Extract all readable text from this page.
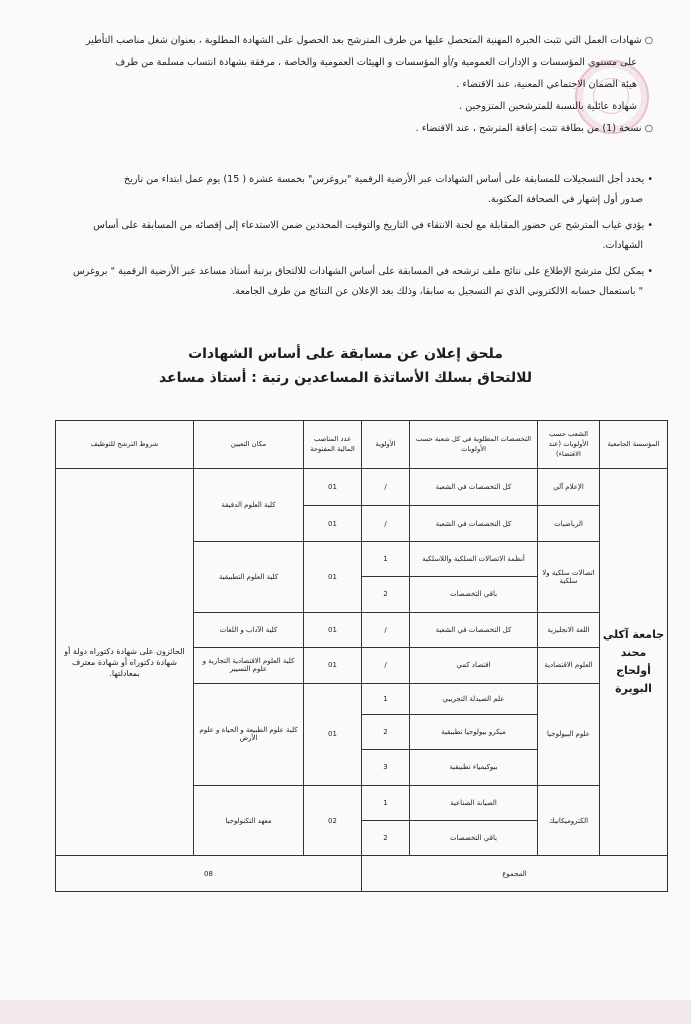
○ شهادات العمل التي تثبت الخبرة المهنية المتحصل عليها من طرف المترشح بعد الحصول على الشهادة المطلوبة ، بعنوان شغل مناصب التأطير
على مستوى المؤسسات و الإدارات العمومية و/أو المؤسسات و الهيئات العمومية والخاصة ، مرفقة بشهادة انتساب مسلمة من طرف
هيئة الضمان الاجتماعي المعنية، عند الاقتضاء .
شهادة عائلية بالنسبة للمترشحين المتزوجين .
○ نسخة (1) من بطاقة تثبت إعاقة المترشح ، عند الاقتضاء .
• يحدد أجل التسجيلات للمسابقة على أساس الشهادات عبر الأرضية الرقمية "بروغرس" بخمسة عشرة ( 15) يوم عمل ابتداء من تاريخ
صدور أول إشهار في الصحافة المكتوبة.
• يؤدي غياب المترشح عن حضور المقابلة مع لجنة الانتقاء في التاريخ والتوقيت المحددين ضمن الاستدعاء إلى إقصائه من المسابقة على أساس
الشهادات.
• يمكن لكل مترشح الإطلاع على نتائج ملف ترشحه في المسابقة على أساس الشهادات للالتحاق برتبة أستاذ مساعد عبر الأرضية الرقمية " بروغرس
" باستعمال حسابه الالكتروني الذي تم التسجيل به سابقا، وذلك بعد الإعلان عن النتائج من طرف الجامعة.
ملحق إعلان عن مسابقة على أساس الشهادات
للالتحاق بسلك الأساتذة المساعدين رتبة : أستاذ مساعد
المؤسسة الجامعية	الشعب حسب الأولويات (عند الاقتضاء)	التخصصات المطلوبة في كل شعبة حسب الأولويات	الأولوية	عدد المناصب المالية المفتوحة	مكان التعيين	شروط الترشح للتوظيف
جامعة آكلي محند أولحاج البويرة	الإعلام آلي	كل التخصصات في الشعبة	/	01	كلية العلوم الدقيقة	الحائزون على شهادة دكتوراه دولة أو شهادة دكتوراه أو شهادة معترف بمعادلتها.
	الرياضيات	كل التخصصات في الشعبة	/	01		
	اتصالات سلكية ولا سلكية	أنظمة الاتصالات السلكية واللاسلكية	1	01	كلية العلوم التطبيقية	
		باقي التخصصات	2			
	اللغة الانجليزية	كل التخصصات في الشعبة	/	01	كلية الآداب و اللغات	
	العلوم الاقتصادية	اقتصاد كمي	/	01	كلية العلوم الاقتصادية التجارية و علوم التسيير	
	علوم البيولوجيا	علم الصيدلة التجريبي	1	01	كلية علوم الطبيعة و الحياة و علوم الأرض	
		ميكرو بيولوجيا تطبيقية	2			
		بيوكيمياء تطبيقية	3			
	الكتروميكانيك	الصيانة الصناعية	1	02	معهد التكنولوجيا	
		باقي التخصصات	2			
المجموع				08		
